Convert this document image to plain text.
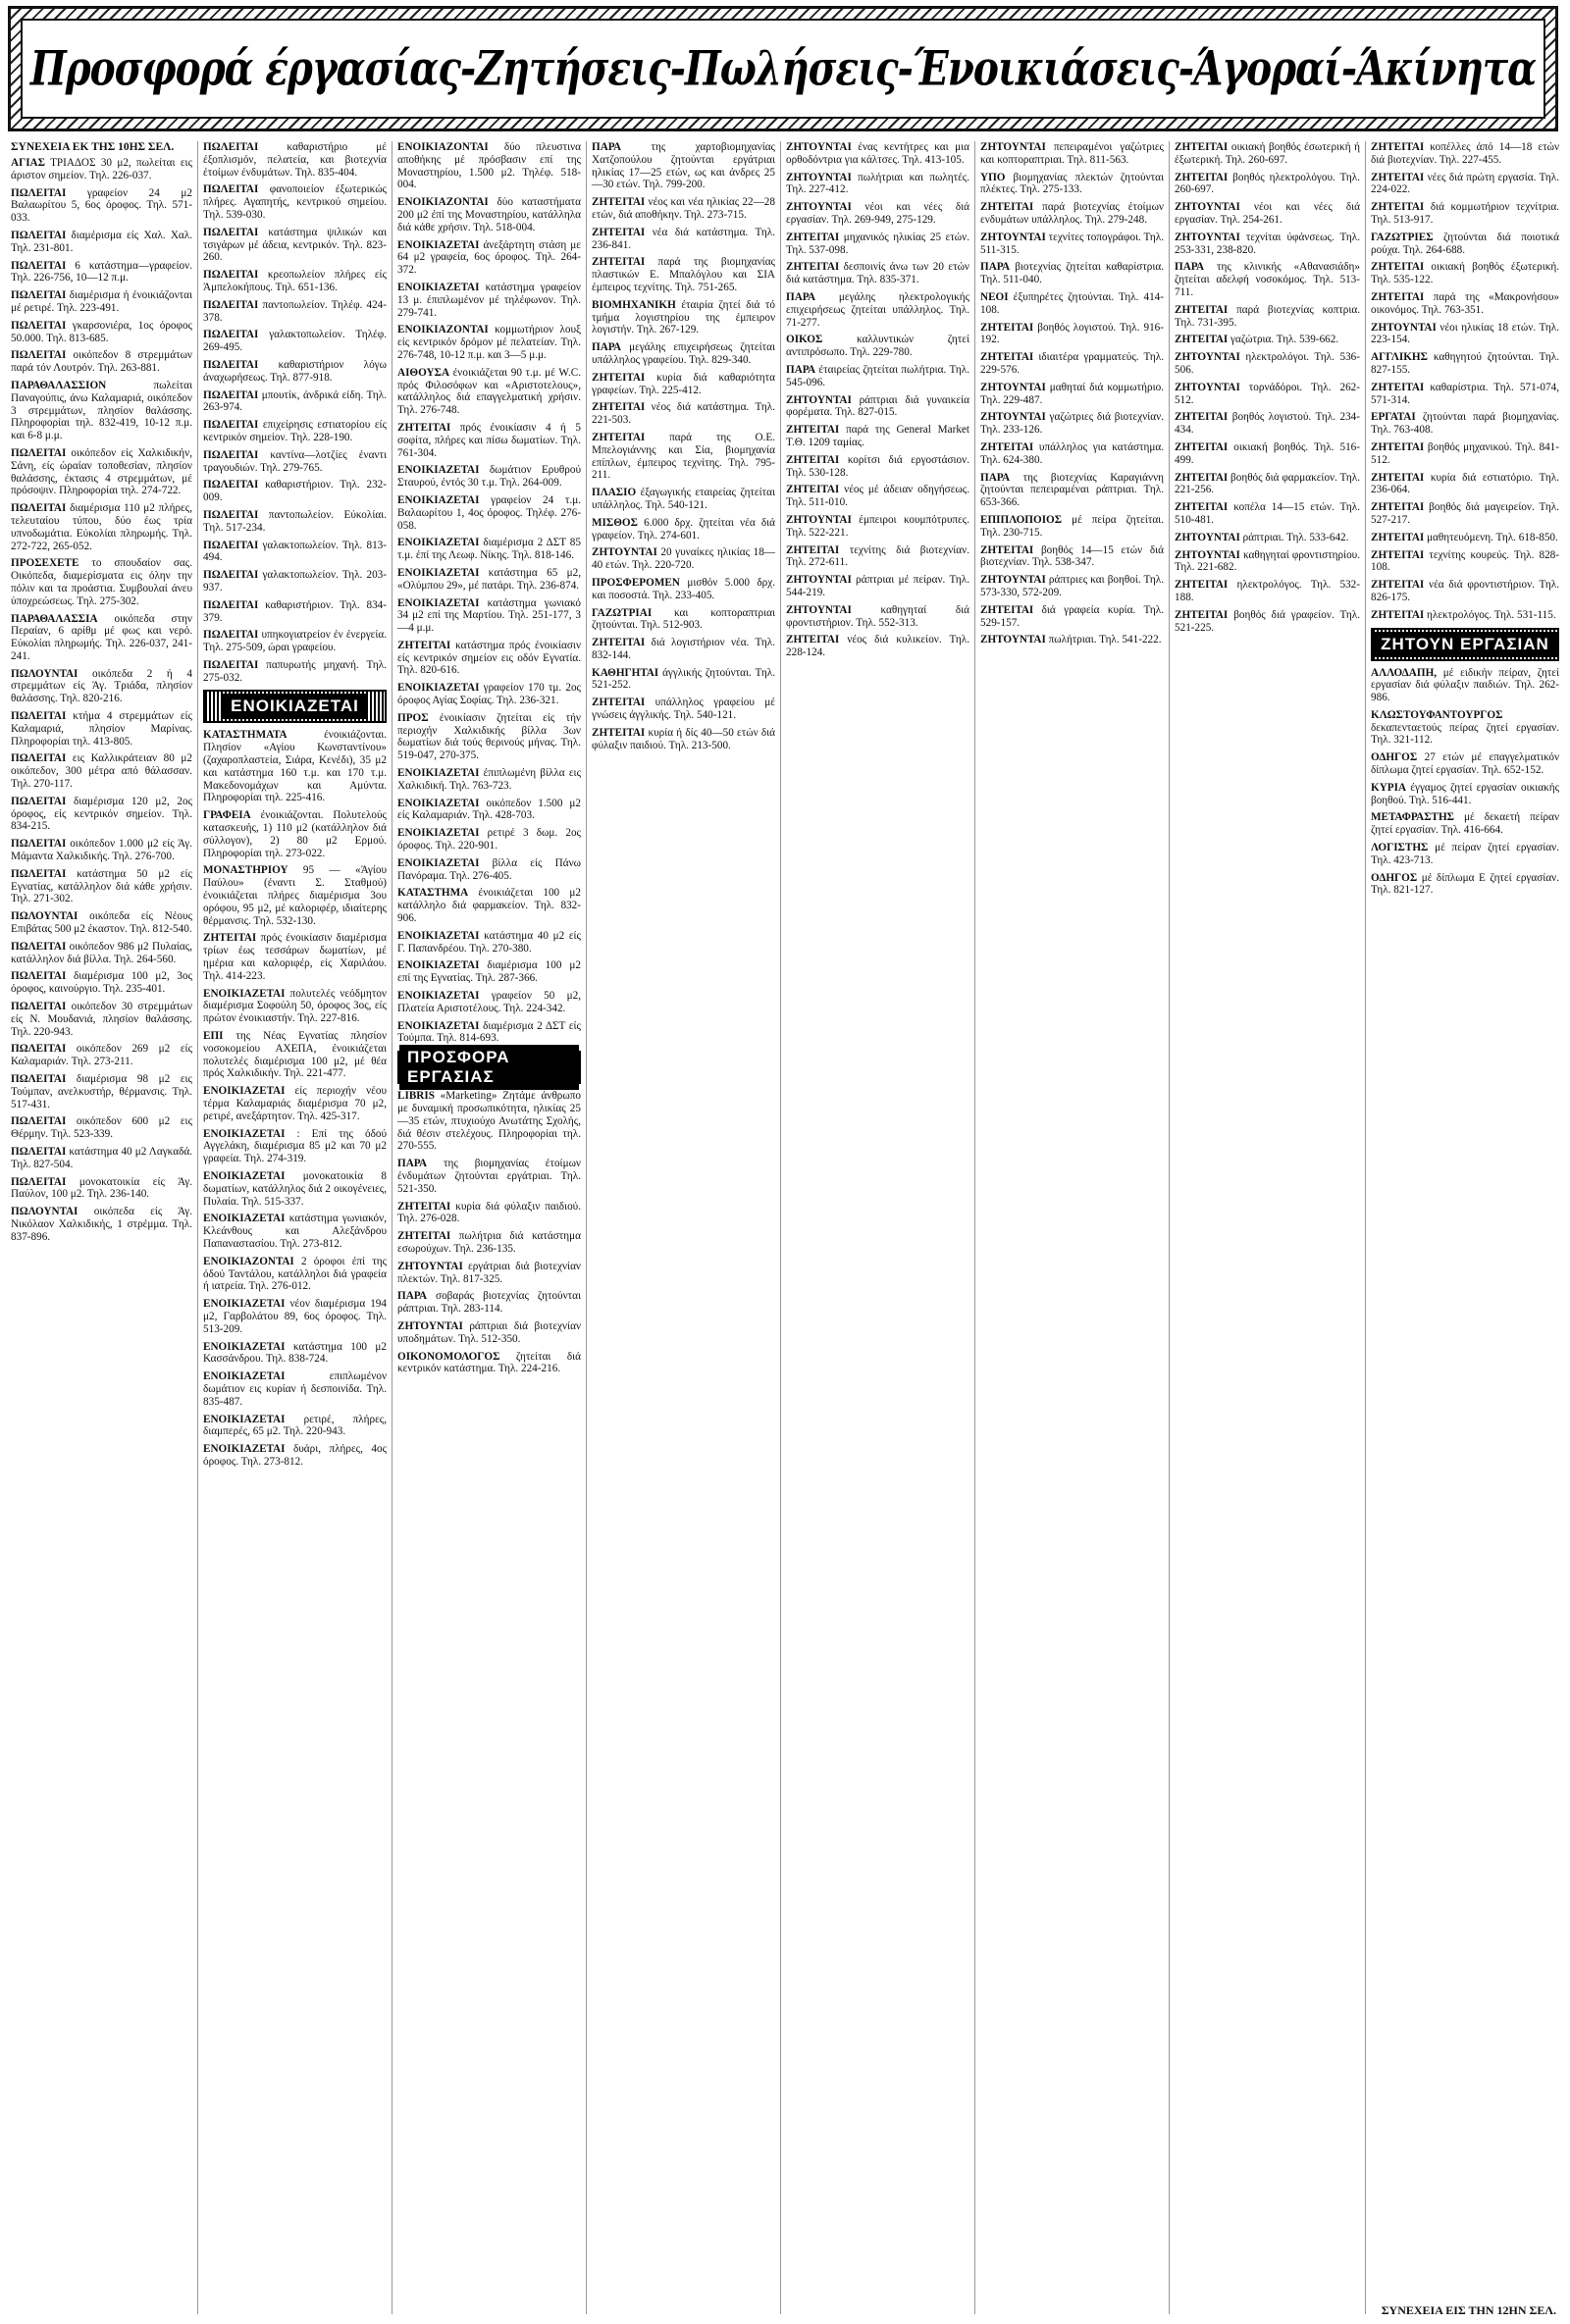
Προσφορά έργασίας-Ζητήσεις-Πωλήσεις-Ένοικιάσεις-Άγοραί-Άκίνητα

ΣΥΝΕΧΕΙΑ ΕΚ ΤΗΣ 10ΗΣ ΣΕΛ.

ΑΓΙΑΣ ΤΡΙΑΔΟΣ 30 μ2, πωλείται εις άριστον σημείον. Τηλ. 226-037.

ΠΩΛΕΙΤΑΙ γραφείον 24 μ2 Βαλαωρίτου 5, 6ος όροφος. Τηλ. 571-033.

ΠΩΛΕΙΤΑΙ διαμέρισμα είς Χαλ. Χαλ. Τηλ. 231-801.

ΠΩΛΕΙΤΑΙ 6 κατάστημα—γραφείον. Τηλ. 226-756, 10—12 π.μ.

ΠΩΛΕΙΤΑΙ διαμέρισμα ή ένοικιάζονται μέ ρετιρέ. Τηλ. 223-491.

ΠΩΛΕΙΤΑΙ γκαρσονιέρα, 1ος όροφος 50.000. Τηλ. 813-685.

ΠΩΛΕΙΤΑΙ οικόπεδον 8 στρεμμάτων παρά τόν Λουτρόν. Τηλ. 263-881.

ΠΑΡΑΘΑΛΑΣΣΙΟΝ πωλείται Παναγούπις, άνω Καλαμαριά, οικόπεδον 3 στρεμμάτων, πλησίον θαλάσσης. Πληροφορίαι τηλ. 832-419, 10-12 π.μ. και 6-8 μ.μ.

ΠΩΛΕΙΤΑΙ οικόπεδον είς Χαλκιδικήν, Σάνη, είς ώραίαν τοποθεσίαν, πλησίον θαλάσσης, έκτασις 4 στρεμμάτων, μέ πρόσοψιν. Πληροφορίαι τηλ. 274-722.

ΠΩΛΕΙΤΑΙ διαμέρισμα 110 μ2 πλήρες, τελευταίου τύπου, δύο έως τρία υπνοδωμάτια. Εύκολίαι πληρωμής. Τηλ. 272-722, 265-052.

ΠΡΟΣΕΧΕΤΕ το σπουδαίον σας. Οικόπεδα, διαμερίσματα εις όλην την πόλιν και τα προάστια. Συμβουλαί άνευ ύποχρεώσεως. Τηλ. 275-302.

ΠΑΡΑΘΑΛΑΣΣΙΑ οικόπεδα στην Περαίαν, 6 αρίθμ μέ φως και νερό. Εύκολίαι πληρωμής. Τηλ. 226-037, 241-241.

ΠΩΛΟΥΝΤΑΙ οικόπεδα 2 ή 4 στρεμμάτων είς Άγ. Τριάδα, πλησίον θαλάσσης. Τηλ. 820-216.

ΠΩΛΕΙΤΑΙ κτήμα 4 στρεμμάτων είς Καλαμαριά, πλησίον Μαρίνας. Πληροφορίαι τηλ. 413-805.

ΠΩΛΕΙΤΑΙ εις Καλλικράτειαν 80 μ2 οικόπεδον, 300 μέτρα από θάλασσαν. Τηλ. 270-117.

ΠΩΛΕΙΤΑΙ διαμέρισμα 120 μ2, 2ος όροφος, είς κεντρικόν σημείον. Τηλ. 834-215.

ΠΩΛΕΙΤΑΙ οικόπεδον 1.000 μ2 είς Άγ. Μάμαντα Χαλκιδικής. Τηλ. 276-700.

ΠΩΛΕΙΤΑΙ κατάστημα 50 μ2 είς Εγνατίας, κατάλληλον διά κάθε χρήσιν. Τηλ. 271-302.

ΠΩΛΟΥΝΤΑΙ οικόπεδα είς Νέους Επιβάτας 500 μ2 έκαστον. Τηλ. 812-540.

ΠΩΛΕΙΤΑΙ οικόπεδον 986 μ2 Πυλαίας, κατάλληλον διά βίλλα. Τηλ. 264-560.

ΠΩΛΕΙΤΑΙ διαμέρισμα 100 μ2, 3ος όροφος, καινούργιο. Τηλ. 235-401.

ΠΩΛΕΙΤΑΙ οικόπεδον 30 στρεμμάτων είς Ν. Μουδανιά, πλησίον θαλάσσης. Τηλ. 220-943.

ΠΩΛΕΙΤΑΙ οικόπεδον 269 μ2 είς Καλαμαριάν. Τηλ. 273-211.

ΠΩΛΕΙΤΑΙ διαμέρισμα 98 μ2 εις Τούμπαν, ανελκυστήρ, θέρμανσις. Τηλ. 517-431.

ΠΩΛΕΙΤΑΙ οικόπεδον 600 μ2 εις Θέρμην. Τηλ. 523-339.

ΠΩΛΕΙΤΑΙ κατάστημα 40 μ2 Λαγκαδά. Τηλ. 827-504.

ΠΩΛΕΙΤΑΙ μονοκατοικία είς Άγ. Παύλον, 100 μ2. Τηλ. 236-140.

ΠΩΛΟΥΝΤΑΙ οικόπεδα είς Άγ. Νικόλαον Χαλκιδικής, 1 στρέμμα. Τηλ. 837-896.

ΠΩΛΕΙΤΑΙ καθαριστήριο μέ έξοπλισμόν, πελατεία, και βιοτεχνία έτοίμων ένδυμάτων. Τηλ. 835-404.

ΠΩΛΕΙΤΑΙ φανοποιείον έξωτερικώς πλήρες. Αγαπητής, κεντρικού σημείου. Τηλ. 539-030.

ΠΩΛΕΙΤΑΙ κατάστημα ψιλικών και τσιγάρων μέ άδεια, κεντρικόν. Τηλ. 823-260.

ΠΩΛΕΙΤΑΙ κρεοπωλείον πλήρες είς Άμπελοκήπους. Τηλ. 651-136.

ΠΩΛΕΙΤΑΙ παντοπωλείον. Τηλέφ. 424-378.

ΠΩΛΕΙΤΑΙ γαλακτοπωλείον. Τηλέφ. 269-495.

ΠΩΛΕΙΤΑΙ καθαριστήριον λόγω άναχωρήσεως. Τηλ. 877-918.

ΠΩΛΕΙΤΑΙ μπουτίκ, άνδρικά είδη. Τηλ. 263-974.

ΠΩΛΕΙΤΑΙ επιχείρησις εστιατορίου είς κεντρικόν σημείον. Τηλ. 228-190.

ΠΩΛΕΙΤΑΙ καντίνα—λοτζίες έναντι τραγουδιών. Τηλ. 279-765.

ΠΩΛΕΙΤΑΙ καθαριστήριον. Τηλ. 232-009.

ΠΩΛΕΙΤΑΙ παντοπωλείον. Εύκολίαι. Τηλ. 517-234.

ΠΩΛΕΙΤΑΙ γαλακτοπωλείον. Τηλ. 813-494.

ΠΩΛΕΙΤΑΙ γαλακτοπωλείον. Τηλ. 203-937.

ΠΩΛΕΙΤΑΙ καθαριστήριον. Τηλ. 834-379.

ΠΩΛΕΙΤΑΙ υπηκογιατρείον έν ένεργεία. Τηλ. 275-509, ώραι γραφείου.

ΠΩΛΕΙΤΑΙ παπυρωτής μηχανή. Τηλ. 275-032.

ΕΝΟΙΚΙΑΖΕΤΑΙ

ΚΑΤΑΣΤΗΜΑΤΑ ένοικιάζονται. Πλησίον «Αγίου Κωνσταντίνου» (ζαχαροπλαστεία, Σιάρα, Κενέδι), 35 μ2 και κατάστημα 160 τ.μ. και 170 τ.μ. Μακεδονομάχων και Αμύντα. Πληροφορίαι τηλ. 225-416.

ΓΡΑΦΕΙΑ ένοικιάζονται. Πολυτελούς κατασκευής, 1) 110 μ2 (κατάλληλον διά σύλλογον), 2) 80 μ2 Ερμού. Πληροφορίαι τηλ. 273-022.

ΜΟΝΑΣΤΗΡΙΟΥ 95 — «Άγίου Παύλου» (έναντι Σ. Σταθμού) ένοικιάζεται πλήρες διαμέρισμα 3ου ορόφου, 95 μ2, μέ καλοριφέρ, ιδιαίτερης θέρμανσις. Τηλ. 532-130.

ΖΗΤΕΙΤΑΙ πρός ένοικίασιν διαμέρισμα τρίων έως τεσσάρων δωματίων, μέ ημέρια και καλοριφέρ, είς Χαριλάου. Τηλ. 414-223.

ΕΝΟΙΚΙΑΖΕΤΑΙ πολυτελές νεόδμητον διαμέρισμα Σοφούλη 50, όροφος 3ος, είς πρώτον ένοικιαστήν. Τηλ. 227-816.

ΕΠΙ της Νέας Εγνατίας πλησίον νοσοκομείου ΑΧΕΠΑ, ένοικιάζεται πολυτελές διαμέρισμα 100 μ2, μέ θέα πρός Χαλκιδικήν. Τηλ. 221-477.

ΕΝΟΙΚΙΑΖΕΤΑΙ είς περιοχήν νέου τέρμα Καλαμαριάς διαμέρισμα 70 μ2, ρετιρέ, ανεξάρτητον. Τηλ. 425-317.

ΕΝΟΙΚΙΑΖΕΤΑΙ : Επί της όδού Αγγελάκη, διαμέρισμα 85 μ2 και 70 μ2 γραφεία. Τηλ. 274-319.

ΕΝΟΙΚΙΑΖΕΤΑΙ μονοκατοικία 8 δωματίων, κατάλληλος διά 2 οικογένειες, Πυλαία. Τηλ. 515-337.

ΕΝΟΙΚΙΑΖΕΤΑΙ κατάστημα γωνιακόν, Κλεάνθους και Αλεξάνδρου Παπαναστασίου. Τηλ. 273-812.

ΕΝΟΙΚΙΑΖΟΝΤΑΙ 2 όροφοι έπί της όδού Ταντάλου, κατάλληλοι διά γραφεία ή ιατρεία. Τηλ. 276-012.

ΕΝΟΙΚΙΑΖΕΤΑΙ νέον διαμέρισμα 194 μ2, Γαρβολάτου 89, 6ος όροφος. Τηλ. 513-209.

ΕΝΟΙΚΙΑΖΕΤΑΙ κατάστημα 100 μ2 Κασσάνδρου. Τηλ. 838-724.

ΕΝΟΙΚΙΑΖΕΤΑΙ επιπλωμένον δωμάτιον εις κυρίαν ή δεσποινίδα. Τηλ. 835-487.

ΕΝΟΙΚΙΑΖΕΤΑΙ ρετιρέ, πλήρες, διαμπερές, 65 μ2. Τηλ. 220-943.

ΕΝΟΙΚΙΑΖΕΤΑΙ δυάρι, πλήρες, 4ος όροφος. Τηλ. 273-812.

ΕΝΟΙΚΙΑΖΟΝΤΑΙ δύο πλευστινα αποθήκης μέ πρόσβασιν επί της Μοναστηρίου, 1.500 μ2. Τηλέφ. 518-004.

ΕΝΟΙΚΙΑΖΟΝΤΑΙ δύο καταστήματα 200 μ2 έπί της Μοναστηρίου, κατάλληλα διά κάθε χρήσιν. Τηλ. 518-004.

ΕΝΟΙΚΙΑΖΕΤΑΙ άνεξάρτητη στάση με 64 μ2 γραφεία, 6ος όροφος. Τηλ. 264-372.

ΕΝΟΙΚΙΑΖΕΤΑΙ κατάστημα γραφείον 13 μ. έπιπλωμένον μέ τηλέφωνον. Τηλ. 279-741.

ΕΝΟΙΚΙΑΖΟΝΤΑΙ κομμωτήριον λουξ είς κεντρικόν δρόμον μέ πελατείαν. Τηλ. 276-748, 10-12 π.μ. και 3—5 μ.μ.

ΑΙΘΟΥΣΑ ένοικιάζεται 90 τ.μ. μέ W.C. πρός Φιλοσόφων και «Αριστοτελους», κατάλληλος διά επαγγελματική χρήσιν. Τηλ. 276-748.

ΖΗΤΕΙΤΑΙ πρός ένοικίασιν 4 ή 5 σοφίτα, πλήρες και πίσω δωματίων. Τηλ. 761-304.

ΕΝΟΙΚΙΑΖΕΤΑΙ δωμάτιον Ερυθρού Σταυρού, έντός 30 τ.μ. Τηλ. 264-009.

ΕΝΟΙΚΙΑΖΕΤΑΙ γραφείον 24 τ.μ. Βαλαωρίτου 1, 4ος όροφος. Τηλέφ. 276-058.

ΕΝΟΙΚΙΑΖΕΤΑΙ διαμέρισμα 2 ΔΣΤ 85 τ.μ. έπί της Λεωφ. Νίκης. Τηλ. 818-146.

ΕΝΟΙΚΙΑΖΕΤΑΙ κατάστημα 65 μ2, «Ολύμπου 29», μέ πατάρι. Τηλ. 236-874.

ΕΝΟΙΚΙΑΖΕΤΑΙ κατάστημα γωνιακό 34 μ2 επί της Μαρτίου. Τηλ. 251-177, 3—4 μ.μ.

ΖΗΤΕΙΤΑΙ κατάστημα πρός ένοικίασιν είς κεντρικόν σημείον εις οδόν Εγνατία. Τηλ. 820-616.

ΕΝΟΙΚΙΑΖΕΤΑΙ γραφείον 170 τμ. 2ος όροφος Αγίας Σοφίας. Τηλ. 236-321.

ΠΡΟΣ ένοικίασιν ζητείται είς τήν περιοχήν Χαλκιδικής βίλλα 3ων δωματίων διά τούς θερινούς μήνας. Τηλ. 519-047, 270-375.

ΕΝΟΙΚΙΑΖΕΤΑΙ έπιπλωμένη βίλλα εις Χαλκιδική. Τηλ. 763-723.

ΕΝΟΙΚΙΑΖΕΤΑΙ οικόπεδον 1.500 μ2 είς Καλαμαριάν. Τηλ. 428-703.

ΕΝΟΙΚΙΑΖΕΤΑΙ ρετιρέ 3 δωμ. 2ος όροφος. Τηλ. 220-901.

ΕΝΟΙΚΙΑΖΕΤΑΙ βίλλα είς Πάνω Πανόραμα. Τηλ. 276-405.

ΚΑΤΑΣΤΗΜΑ ένοικιάζεται 100 μ2 κατάλληλο διά φαρμακείον. Τηλ. 832-906.

ΕΝΟΙΚΙΑΖΕΤΑΙ κατάστημα 40 μ2 είς Γ. Παπανδρέου. Τηλ. 270-380.

ΕΝΟΙΚΙΑΖΕΤΑΙ διαμέρισμα 100 μ2 επί της Εγνατίας. Τηλ. 287-366.

ΕΝΟΙΚΙΑΖΕΤΑΙ γραφείον 50 μ2, Πλατεία Αριστοτέλους. Τηλ. 224-342.

ΕΝΟΙΚΙΑΖΕΤΑΙ διαμέρισμα 2 ΔΣΤ είς Τούμπα. Τηλ. 814-693.

ΠΡΟΣΦΟΡΑ ΕΡΓΑΣΙΑΣ

LIBRIS «Marketing» Ζητάμε άνθρωπο με δυναμική προσωπικότητα, ηλικίας 25—35 ετών, πτυχιούχο Ανωτάτης Σχολής, διά θέσιν στελέχους. Πληροφορίαι τηλ. 270-555.

ΠΑΡΑ της βιομηχανίας έτοίμων ένδυμάτων ζητούνται εργάτριαι. Τηλ. 521-350.

ΖΗΤΕΙΤΑΙ κυρία διά φύλαξιν παιδιού. Τηλ. 276-028.

ΖΗΤΕΙΤΑΙ πωλήτρια διά κατάστημα εσωρούχων. Τηλ. 236-135.

ΖΗΤΟΥΝΤΑΙ εργάτριαι διά βιοτεχνίαν πλεκτών. Τηλ. 817-325.

ΠΑΡΑ σοβαράς βιοτεχνίας ζητούνται ράπτριαι. Τηλ. 283-114.

ΖΗΤΟΥΝΤΑΙ ράπτριαι διά βιοτεχνίαν υποδημάτων. Τηλ. 512-350.

ΟΙΚΟΝΟΜΟΛΟΓΟΣ ζητείται διά κεντρικόν κατάστημα. Τηλ. 224-216.

ΠΑΡΑ της χαρτοβιομηχανίας Χατζοπούλου ζητούνται εργάτριαι ηλικίας 17—25 ετών, ως και άνδρες 25—30 ετών. Τηλ. 799-200.

ΖΗΤΕΙΤΑΙ νέος και νέα ηλικίας 22—28 ετών, διά αποθήκην. Τηλ. 273-715.

ΖΗΤΕΙΤΑΙ νέα διά κατάστημα. Τηλ. 236-841.

ΖΗΤΕΙΤΑΙ παρά της βιομηχανίας πλαστικών Ε. Μπαλόγλου και ΣΙΑ έμπειρος τεχνίτης. Τηλ. 751-265.

ΒΙΟΜΗΧΑΝΙΚΗ έταιρία ζητεί διά τό τμήμα λογιστηρίου της έμπειρον λογιστήν. Τηλ. 267-129.

ΠΑΡΑ μεγάλης επιχειρήσεως ζητείται υπάλληλος γραφείου. Τηλ. 829-340.

ΖΗΤΕΙΤΑΙ κυρία διά καθαριότητα γραφείων. Τηλ. 225-412.

ΖΗΤΕΙΤΑΙ νέος διά κατάστημα. Τηλ. 221-503.

ΖΗΤΕΙΤΑΙ παρά της Ο.Ε. Μπελογιάννης και Σία, βιομηχανία επίπλων, έμπειρος τεχνίτης. Τηλ. 795-211.

ΠΛΑΣΙΟ έξαγωγικής εταιρείας ζητείται υπάλληλος. Τηλ. 540-121.

ΜΙΣΘΟΣ 6.000 δρχ. ζητείται νέα διά γραφείον. Τηλ. 274-601.

ΖΗΤΟΥΝΤΑΙ 20 γυναίκες ηλικίας 18—40 ετών. Τηλ. 220-720.

ΠΡΟΣΦΕΡΟΜΕΝ μισθόν 5.000 δρχ. και ποσοστά. Τηλ. 233-405.

ΓΑΖΩΤΡΙΑΙ και κοπτοραπτριαι ζητούνται. Τηλ. 512-903.

ΖΗΤΕΙΤΑΙ διά λογιστήριον νέα. Τηλ. 832-144.

ΚΑΘΗΓΗΤΑΙ άγγλικής ζητούνται. Τηλ. 521-252.

ΖΗΤΕΙΤΑΙ υπάλληλος γραφείου μέ γνώσεις άγγλικής. Τηλ. 540-121.

ΖΗΤΕΙΤΑΙ κυρία ή δίς 40—50 ετών διά φύλαξιν παιδιού. Τηλ. 213-500.

ΖΗΤΟΥΝΤΑΙ ένας κεντήτρες και μια ορθοδόντρια για κάλτσες. Τηλ. 413-105.

ΖΗΤΟΥΝΤΑΙ πωλήτριαι και πωλητές. Τηλ. 227-412.

ΖΗΤΟΥΝΤΑΙ νέοι και νέες διά εργασίαν. Τηλ. 269-949, 275-129.

ΖΗΤΕΙΤΑΙ μηχανικός ηλικίας 25 ετών. Τηλ. 537-098.

ΖΗΤΕΙΤΑΙ δεσποινίς άνω των 20 ετών διά κατάστημα. Τηλ. 835-371.

ΠΑΡΑ μεγάλης ηλεκτρολογικής επιχειρήσεως ζητείται υπάλληλος. Τηλ. 71-277.

ΟΙΚΟΣ καλλυντικών ζητεί αντιπρόσωπο. Τηλ. 229-780.

ΠΑΡΑ έταιρείας ζητείται πωλήτρια. Τηλ. 545-096.

ΖΗΤΟΥΝΤΑΙ ράπτριαι διά γυναικεία φορέματα. Τηλ. 827-015.

ΖΗΤΕΙΤΑΙ παρά της General Market Τ.Θ. 1209 ταμίας.

ΖΗΤΕΙΤΑΙ κορίτσι διά εργοστάσιον. Τηλ. 530-128.

ΖΗΤΕΙΤΑΙ νέος μέ άδειαν οδηγήσεως. Τηλ. 511-010.

ΖΗΤΟΥΝΤΑΙ έμπειροι κουμπότρυπες. Τηλ. 522-221.

ΖΗΤΕΙΤΑΙ τεχνίτης διά βιοτεχνίαν. Τηλ. 272-611.

ΖΗΤΟΥΝΤΑΙ ράπτριαι μέ πείραν. Τηλ. 544-219.

ΖΗΤΟΥΝΤΑΙ καθηγηταί διά φροντιστήριον. Τηλ. 552-313.

ΖΗΤΕΙΤΑΙ νέος διά κυλικείον. Τηλ. 228-124.

ΖΗΤΟΥΝΤΑΙ πεπειραμένοι γαζώτριες και κοπτοραπτριαι. Τηλ. 811-563.

ΥΠΟ βιομηχανίας πλεκτών ζητούνται πλέκτες. Τηλ. 275-133.

ΖΗΤΕΙΤΑΙ παρά βιοτεχνίας έτοίμων ενδυμάτων υπάλληλος. Τηλ. 279-248.

ΖΗΤΟΥΝΤΑΙ τεχνίτες τοπογράφοι. Τηλ. 511-315.

ΠΑΡΑ βιοτεχνίας ζητείται καθαρίστρια. Τηλ. 511-040.

ΝΕΟΙ έξυπηρέτες ζητούνται. Τηλ. 414-108.

ΖΗΤΕΙΤΑΙ βοηθός λογιστού. Τηλ. 916-192.

ΖΗΤΕΙΤΑΙ ιδιαιτέρα γραμματεύς. Τηλ. 229-576.

ΖΗΤΟΥΝΤΑΙ μαθηταί διά κομμωτήριο. Τηλ. 229-487.

ΖΗΤΟΥΝΤΑΙ γαζώτριες διά βιοτεχνίαν. Τηλ. 233-126.

ΖΗΤΕΙΤΑΙ υπάλληλος για κατάστημα. Τηλ. 624-380.

ΠΑΡΑ της βιοτεχνίας Καραγιάννη ζητούνται πεπειραμέναι ράπτριαι. Τηλ. 653-366.

ΕΠΙΠΛΟΠΟΙΟΣ μέ πείρα ζητείται. Τηλ. 230-715.

ΖΗΤΕΙΤΑΙ βοηθός 14—15 ετών διά βιοτεχνίαν. Τηλ. 538-347.

ΖΗΤΟΥΝΤΑΙ ράπτριες και βοηθοί. Τηλ. 573-330, 572-209.

ΖΗΤΕΙΤΑΙ διά γραφεία κυρία. Τηλ. 529-157.

ΖΗΤΟΥΝΤΑΙ πωλήτριαι. Τηλ. 541-222.

ΖΗΤΕΙΤΑΙ οικιακή βοηθός έσωτερική ή έξωτερική. Τηλ. 260-697.

ΖΗΤΕΙΤΑΙ βοηθός ηλεκτρολόγου. Τηλ. 260-697.

ΖΗΤΟΥΝΤΑΙ νέοι και νέες διά εργασίαν. Τηλ. 254-261.

ΖΗΤΟΥΝΤΑΙ τεχνίται ύφάνσεως. Τηλ. 253-331, 238-820.

ΠΑΡΑ της κλινικής «Αθανασιάδη» ζητείται αδελφή νοσοκόμος. Τηλ. 513-711.

ΖΗΤΕΙΤΑΙ παρά βιοτεχνίας κοπτρια. Τηλ. 731-395.

ΖΗΤΕΙΤΑΙ γαζώτρια. Τηλ. 539-662.

ΖΗΤΟΥΝΤΑΙ ηλεκτρολόγοι. Τηλ. 536-506.

ΖΗΤΟΥΝΤΑΙ τορνάδόροι. Τηλ. 262-512.

ΖΗΤΕΙΤΑΙ βοηθός λογιστού. Τηλ. 234-434.

ΖΗΤΕΙΤΑΙ οικιακή βοηθός. Τηλ. 516-499.

ΖΗΤΕΙΤΑΙ βοηθός διά φαρμακείον. Τηλ. 221-256.

ΖΗΤΕΙΤΑΙ κοπέλα 14—15 ετών. Τηλ. 510-481.

ΖΗΤΟΥΝΤΑΙ ράπτριαι. Τηλ. 533-642.

ΖΗΤΟΥΝΤΑΙ καθηγηταί φροντιστηρίου. Τηλ. 221-682.

ΖΗΤΕΙΤΑΙ ηλεκτρολόγος. Τηλ. 532-188.

ΖΗΤΕΙΤΑΙ βοηθός διά γραφείον. Τηλ. 521-225.

ΖΗΤΕΙΤΑΙ κοπέλλες άπό 14—18 ετών διά βιοτεχνίαν. Τηλ. 227-455.

ΖΗΤΕΙΤΑΙ νέες διά πρώτη εργασία. Τηλ. 224-022.

ΖΗΤΕΙΤΑΙ διά κομμωτήριον τεχνίτρια. Τηλ. 513-917.

ΓΑΖΩΤΡΙΕΣ ζητούνται διά ποιοτικά ρούχα. Τηλ. 264-688.

ΖΗΤΕΙΤΑΙ οικιακή βοηθός έξωτερική. Τηλ. 535-122.

ΖΗΤΕΙΤΑΙ παρά της «Μακρονήσου» οικονόμος. Τηλ. 763-351.

ΖΗΤΟΥΝΤΑΙ νέοι ηλικίας 18 ετών. Τηλ. 223-154.

ΑΓΓΛΙΚΗΣ καθηγητού ζητούνται. Τηλ. 827-155.

ΖΗΤΕΙΤΑΙ καθαρίστρια. Τηλ. 571-074, 571-314.

ΕΡΓΑΤΑΙ ζητούνται παρά βιομηχανίας. Τηλ. 763-408.

ΖΗΤΕΙΤΑΙ βοηθός μηχανικού. Τηλ. 841-512.

ΖΗΤΕΙΤΑΙ κυρία διά εστιατόριο. Τηλ. 236-064.

ΖΗΤΕΙΤΑΙ βοηθός διά μαγειρείον. Τηλ. 527-217.

ΖΗΤΕΙΤΑΙ μαθητευόμενη. Τηλ. 618-850.

ΖΗΤΕΙΤΑΙ τεχνίτης κουρεύς. Τηλ. 828-108.

ΖΗΤΕΙΤΑΙ νέα διά φροντιστήριον. Τηλ. 826-175.

ΖΗΤΕΙΤΑΙ ηλεκτρολόγος. Τηλ. 531-115.

ΖΗΤΟΥΝ ΕΡΓΑΣΙΑΝ

ΑΛΛΟΔΑΠΗ, μέ ειδικήν πείραν, ζητεί εργασίαν διά φύλαξιν παιδιών. Τηλ. 262-986.

ΚΛΩΣΤΟΥΦΑΝΤΟΥΡΓΟΣ δεκαπενταετούς πείρας ζητεί εργασίαν. Τηλ. 321-112.

ΟΔΗΓΟΣ 27 ετών μέ επαγγελματικόν δίπλωμα ζητεί εργασίαν. Τηλ. 652-152.

ΚΥΡΙΑ έγγαμος ζητεί εργασίαν οικιακής βοηθού. Τηλ. 516-441.

ΜΕΤΑΦΡΑΣΤΗΣ μέ δεκαετή πείραν ζητεί εργασίαν. Τηλ. 416-664.

ΛΟΓΙΣΤΗΣ μέ πείραν ζητεί εργασίαν. Τηλ. 423-713.

ΟΔΗΓΟΣ μέ δίπλωμα Ε ζητεί εργασίαν. Τηλ. 821-127.

ΣΥΝΕΧΕΙΑ ΕΙΣ ΤΗΝ 12ΗΝ ΣΕΛ.
